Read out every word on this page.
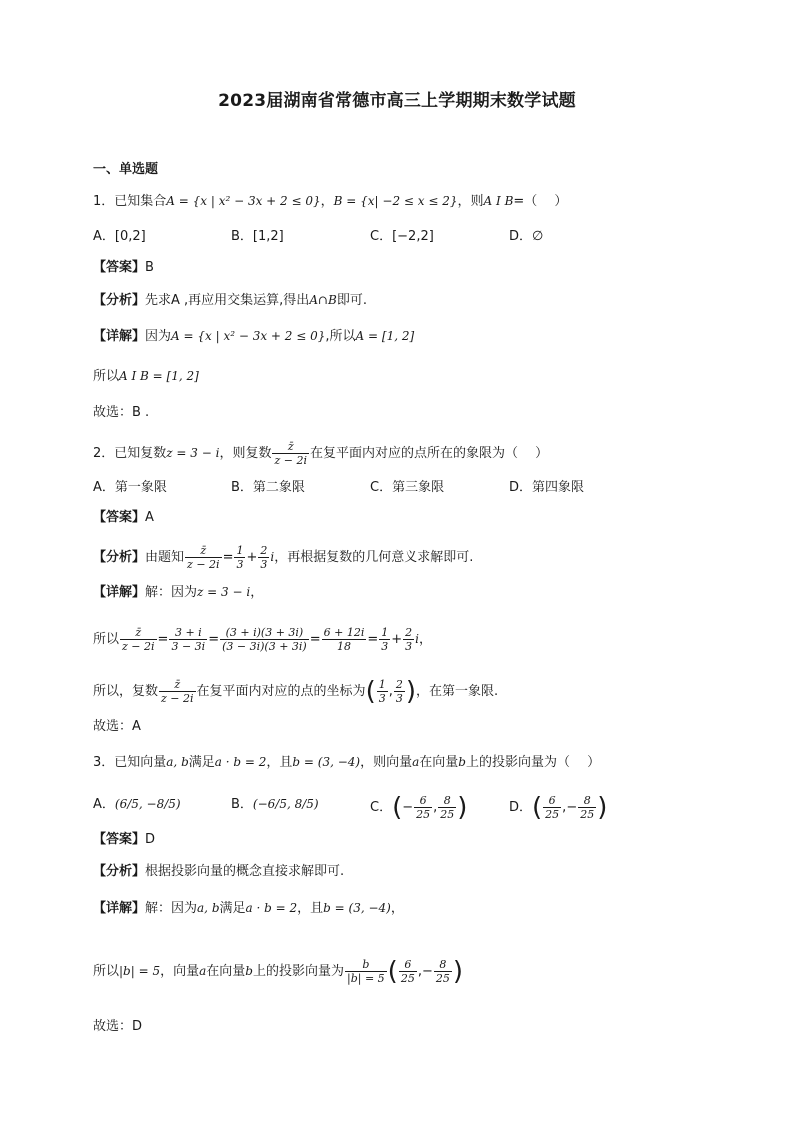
2023届湖南省常德市高三上学期期末数学试题
一、单选题
1．已知集合A = {x | x² − 3x + 2 ≤ 0}，B = {x| −2 ≤ x ≤ 2}，则A I B=（　 ）
A．[0,2]	B．[1,2]	C．[−2,2]	D．∅
【答案】B
【分析】先求A ,再应用交集运算,得出A∩B即可.
【详解】因为A = {x | x² − 3x + 2 ≤ 0},所以A = [1, 2]
所以A I B = [1, 2]
故选：B .
2．已知复数z = 3 − i，则复数 $\frac{z̄}{z - 2i}$ 在复平面内对应的点所在的象限为（　 ）
A．第一象限	B．第二象限	C．第三象限	D．第四象限
【答案】A
【分析】由题知 $\frac{z̄}{z - 2i} = \frac{1}{3} + \frac{2}{3}$ i，再根据复数的几何意义求解即可.
【详解】解：因为z = 3 − i，
所以 $\frac{z̄}{z - 2i} = \frac{3 + i}{3 - 3i} = \frac{(3 + i)(3 + 3i)}{(3 - 3i)(3 + 3i)} = \frac{6 + 12i}{18} = \frac{1}{3} + \frac{2}{3}$ i，
所以，复数 $\frac{z̄}{z - 2i}$ 在复平面内对应的点的坐标为( $\frac{1}{3}$ , $\frac{2}{3}$ )，在第一象限.
故选：A
3．已知向量a, b满足a · b = 2，且b = (3, −4)，则向量a在向量b上的投影向量为（　 ）
A．(6/5, −8/5)	B．(−6/5, 8/5)	C．(− $\frac{6}{25}$ , $\frac{8}{25}$ )	D．( $\frac{6}{25}$ ,− $\frac{8}{25}$ )
【答案】D
【分析】根据投影向量的概念直接求解即可.
【详解】解：因为a, b满足a · b = 2，且b = (3, −4)，
所以|b| = 5，向量a在向量b上的投影向量为 $\frac{b}{|b| = 5}$ ( $\frac{6}{25}$ ,− $\frac{8}{25}$ )
故选：D
